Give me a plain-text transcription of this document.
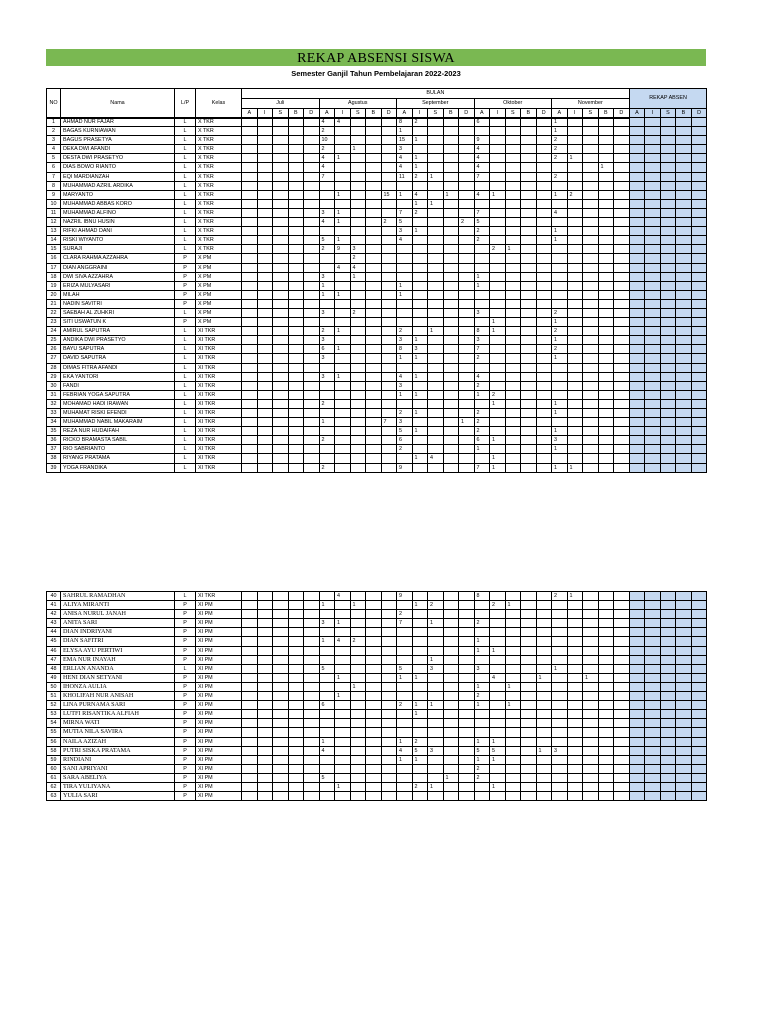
REKAP ABSENSI SISWA
Semester Ganjil Tahun Pembelajaran 2022-2023
NO	Nama	L/P	Kelas	BULAN																									REKAP ABSEN				
				Juli					Agustus					September					Oktober					November									
				A	I	S	B	D	A	I	S	B	D	A	I	S	B	D	A	I	S	B	D	A	I	S	B	D	A	I	S	B	D
1	AHMAD NUR FAJAR	L	X TKR						4	4				8	2				6					1									
2	BAGAS KURNIAWAN	L	X TKR						2					1										1									
3	BAGUS PRASETYA	L	X TKR						10					15	1				9					2									
4	DEKA DWI AFANDI	L	X TKR						2		1			3					4					2									
5	DESTA DWI PRASETYO	L	X TKR						4	1				4	1				4					2	1								
6	DIAS BOWO RIANTO	L	X TKR						4					4	1				4								1						
7	EQI MARDIANZAH	L	X TKR						7					11	2	1			7					2									
8	MUHAMMAD AZRIL ARDIKA	L	X TKR																														
9	MARYANTO	L	X TKR							1			15	1	4		1		4	1				1	2								
10	MUHAMMAD ABBAS KORO	L	X TKR												1	1																	
11	MUHAMMAD ALFINO	L	X TKR						3	1				7	2				7					4									
12	NAZRIL IBNU HUSIN	L	X TKR						4	1			2	5				2	5														
13	RIFKI AHMAD DANI	L	X TKR											3	1				2					1									
14	RISKI WIYANTO	L	X TKR						5	1				4					2					1									
15	SURAJI	L	X TKR						2	9	3									2	1												
16	CLARA RAHMA AZZAHRA	P	X PM								2																						
17	DIAN ANGGRAINI	P	X PM							4	4																						
18	DWI SIVA AZZAHRA	P	X PM						3		1								1														
19	ERIZA MULYASARI	P	X PM						1					1					1														
20	MILAH	P	X PM						1	1				1																			
21	NADIN SAVITRI	P	X PM																														
22	SAEBAH AL ZUHKRI	L	X PM						3		2								3					2									
23	SITI USWATUN K	P	X PM																	1				1									
24	AMIRUL SAPUTRA	L	XI TKR						2	1				2		1			8	1				2									
25	ANDIKA DWI PRASETYO	L	XI TKR						3					3	1				3					1									
26	BAYU SAPUTRA	L	XI TKR						6	1				8	3				7					2									
27	DAVID SAPUTRA	L	XI TKR						3					1	1				2					1									
28	DIMAS FITRA AFANDI	L	XI TKR																														
29	EKA YANTORI	L	XI TKR						3	1				4	1				4														
30	FANDI	L	XI TKR											3					2														
31	FEBRIAN YOGA SAPUTRA	L	XI TKR											1	1				1	2													
32	MOHAMAD HADI IRAWAN	L	XI TKR						2											1				1									
33	MUHAMAT RISKI EFENDI	L	XI TKR											2	1				2					1									
34	MUHAMMAD NABIL MAKARAIM	L	XI TKR						1				7	3				1	2														
35	REZA NUR HUDAIFAH	L	XI TKR											5	1				2					1									
36	RICKO BRAMASTA SABIL	L	XI TKR						2					6					6	1				3									
37	RIO SABRIANTO	L	XI TKR											2					1					1									
38	RIYANG PRATAMA	L	XI TKR												1	4				1													
39	YOGA FRANDIKA	L	XI TKR						2					9					7	1				1	1								
40	SAHRUL RAMADHAN	L	XI TKR							4				9					8					2	1								
41	ALIYA MIRANTI	P	XI PM						1		1				1	2				2	1												
42	ANISA NURUL JANAH	P	XI PM											2																			
43	ANITA SARI	P	XI PM						3	1				7		1			2														
44	DIAN INDRIYANI	P	XI PM																														
45	DIAN SAFITRI	P	XI PM						1	4	2								1														
46	ELYSA AYU PERTIWI	P	XI PM																1	1													
47	EMA NUR INAYAH	P	XI PM													1																	
48	ERLIAN ANANDA	L	XI PM						5					5		3			3					1									
49	HENI DIAN SETYANI	P	XI PM							1				1	1					4			1			1							
50	IHONZA AULIA	P	XI PM								1								1		1												
51	KHOLIFAH NUR ANISAH	P	XI PM							1									2														
52	LINA PURNAMA SARI	P	XI PM						6					2	1	1			1		1												
53	LUTFI RISANTIKA ALFIAH	P	XI PM												1																		
54	MIRNA WATI	P	XI PM																														
55	MUTIA NILA SAVIRA	P	XI PM																														
56	NAILA AZIZAH	P	XI PM						1					1	2				1	1													
58	PUTRI SISKA PRATAMA	P	XI PM						4					4	5	3			5	5			1	3									
59	RINDIANI	P	XI PM											1	1				1	1													
60	SANI APRIYANI	P	XI PM																2														
61	SARA ABELIYA	P	XI PM						5								1		2														
62	TIRA YULIYANA	P	XI PM							1					2	1				1													
63	YULIA SARI	P	XI PM																														
